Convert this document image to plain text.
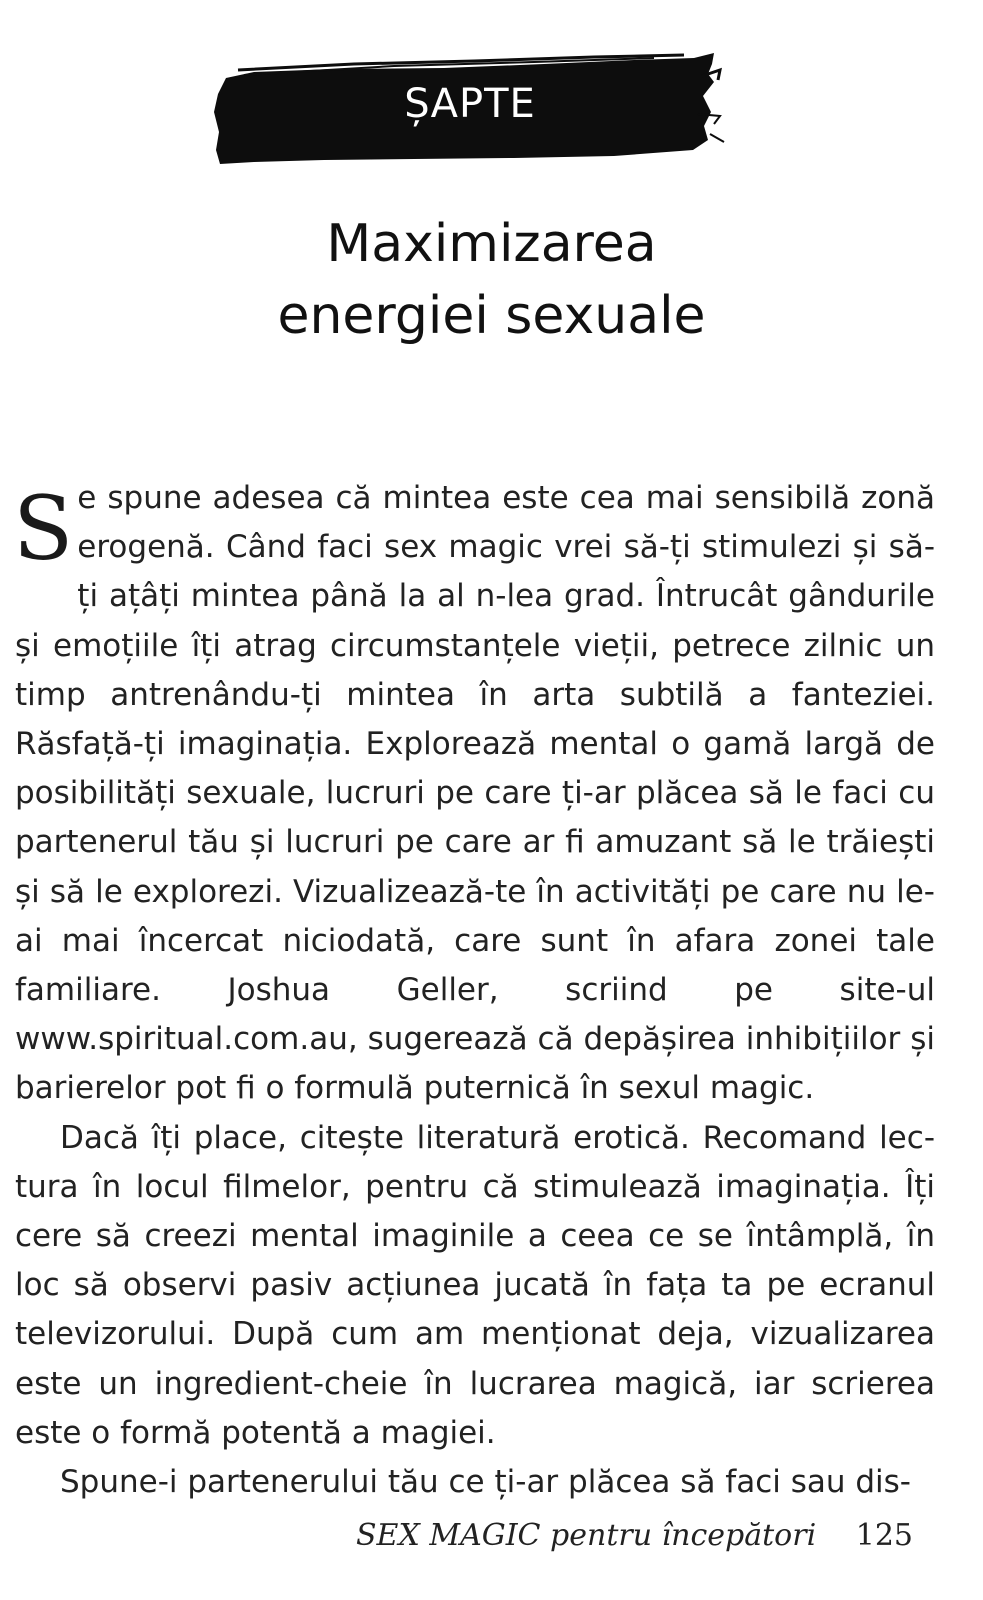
ȘAPTE
Maximizarea
energiei sexuale

Se spune adesea că mintea este cea mai sensibilă zonă erogenă. Când faci sex magic vrei să-ți stimulezi și să-ți ațâți mintea până la al n-lea grad. Întrucât gândurile și emoțiile îți atrag circumstanțele vieții, petrece zilnic un timp antrenându-ți mintea în arta subtilă a fanteziei. Răsfață-ți imaginația. Explorează mental o gamă largă de posibilități sexuale, lucruri pe care ți-ar plăcea să le faci cu partenerul tău și lucruri pe care ar fi amuzant să le trăiești și să le explorezi. Vizualizează-te în activități pe care nu le-ai mai încercat niciodată, care sunt în afara zonei tale familiare. Joshua Geller, scriind pe site-ul www.spiritual.com.au, sugerează că depășirea inhibițiilor și barierelor pot fi o formulă puternică în sexul magic.

Dacă îți place, citește literatură erotică. Recomand lectura în locul filmelor, pentru că stimulează imaginația. Îți cere să creezi mental imaginile a ceea ce se întâmplă, în loc să observi pasiv acțiunea jucată în fața ta pe ecranul televizorului. După cum am menționat deja, vizualizarea este un ingredient-cheie în lucrarea magică, iar scrierea este o formă potentă a magiei.

Spune-i partenerului tău ce ți-ar plăcea să faci sau dis-

SEX MAGIC pentru începători 125
